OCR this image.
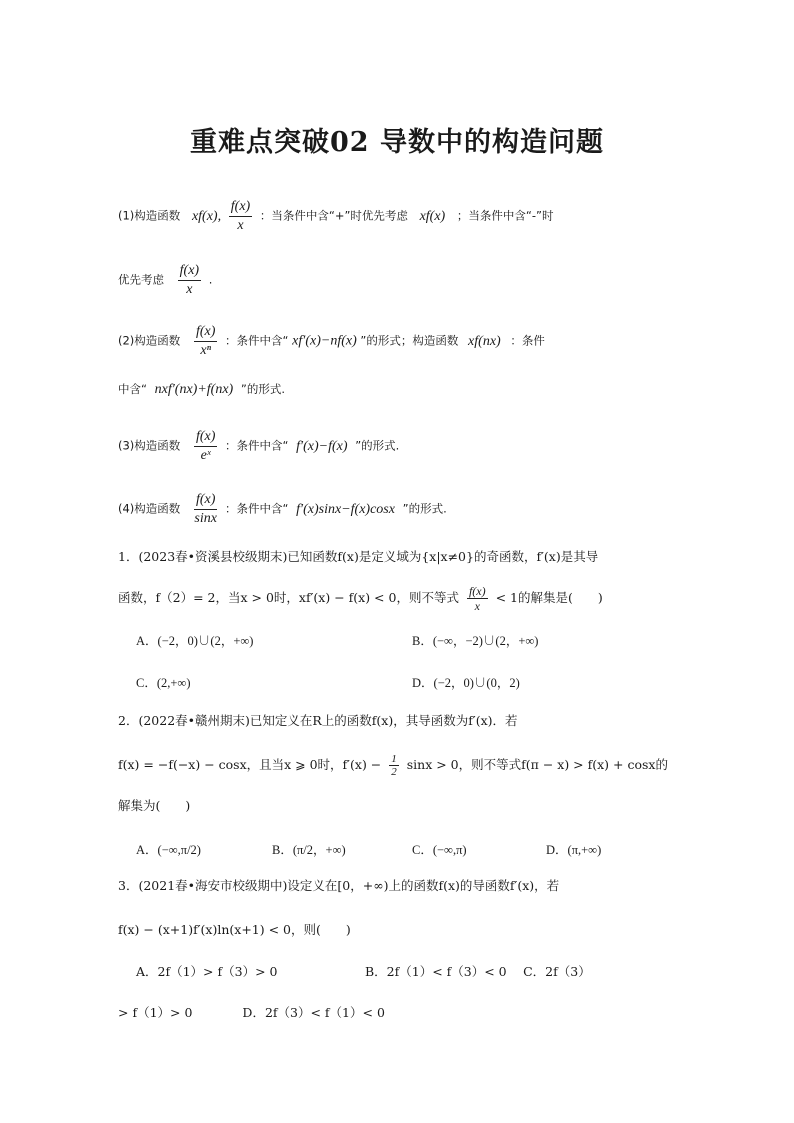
重难点突破02 导数中的构造问题
(1)构造函数 xf(x), $\frac{f(x)}{x}$ ：当条件中含“+”时优先考虑 xf(x) ；当条件中含“-”时
优先考虑 $\frac{f(x)}{x}$ .
(2)构造函数 $\frac{f(x)}{\text{xⁿ}}$ ：条件中含“ xf′(x)−nf(x) ”的形式；构造函数 xf(nx) ：条件
中含“ nxf′(nx)+f(nx) ”的形式.
(3)构造函数 $\frac{f(x)}{\text{eˣ}}$ ：条件中含“ f′(x)−f(x) ”的形式.
(4)构造函数 $\frac{f(x)}{\sin x}$ ：条件中含“ f′(x)sinx−f(x)cosx ”的形式.
1．(2023春•资溪县校级期末)已知函数f(x)是定义域为{x|x≠0}的奇函数，f′(x)是其导
函数，f（2）= 2，当x > 0时，xf′(x) − f(x) < 0，则不等式 $\frac{f(x)}{x} < 1$的解集是(　　)
A．(−2，0)∪(2，+∞)	B．(−∞，−2)∪(2，+∞)
C．(2,+∞)	D．(−2，0)∪(0，2)
2．(2022春•赣州期末)已知定义在R上的函数f(x)，其导函数为f′(x)．若
f(x) = −f(−x) − cosx，且当x ⩾ 0时，$f'(x) - \frac{1}{2}$ sinx > 0，则不等式f(π − x) > f(x) + cosx的
解集为(　　)
A．(−∞,π/2)	B．(π/2，+∞)	C．(−∞,π)	D．(π,+∞)
3．(2021春•海安市校级期中)设定义在[0，+∞)上的函数f(x)的导函数f′(x)，若
f(x) − (x+1)f′(x)ln(x+1) < 0，则(　　)
A．2f（1）> f（3）> 0　　　　　　　B．2f（1）< f（3）< 0　 C．2f（3）
> f（1）> 0　　　　D．2f（3）< f（1）< 0
